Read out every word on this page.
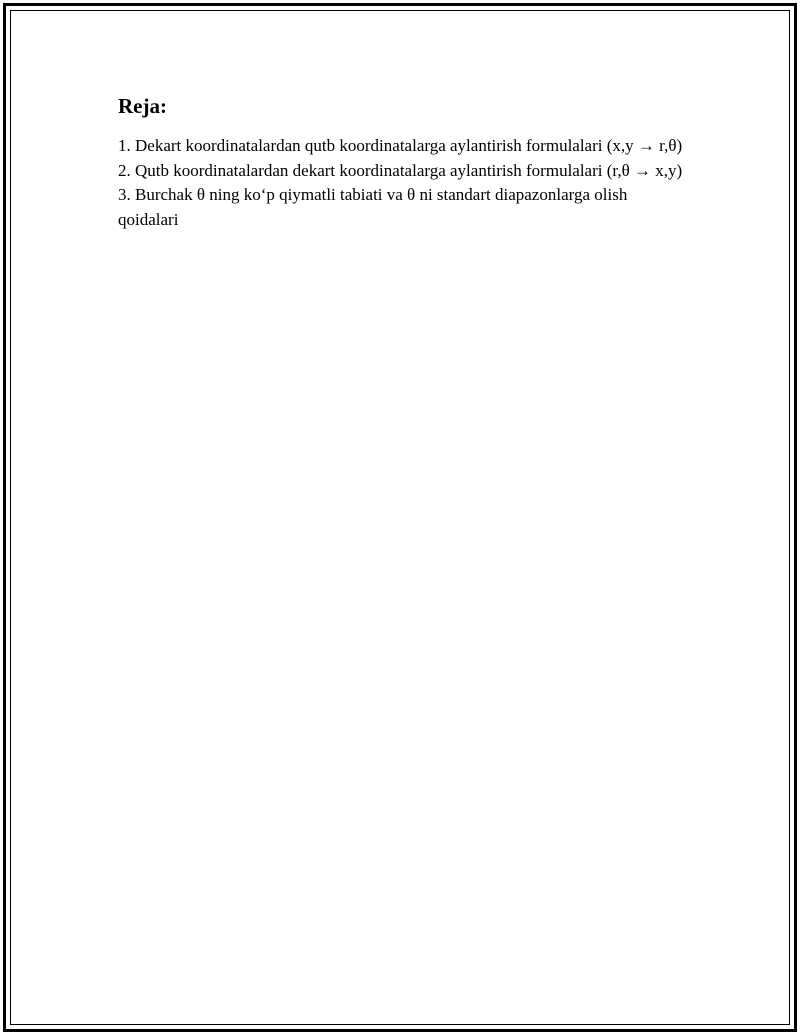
Reja:
1. Dekart koordinatalardan qutb koordinatalarga aylantirish formulalari (x,y → r,θ)
2. Qutb koordinatalardan dekart koordinatalarga aylantirish formulalari (r,θ → x,y)
3. Burchak θ ning koʻp qiymatli tabiati va θ ni standart diapazonlarga olish qoidalari
